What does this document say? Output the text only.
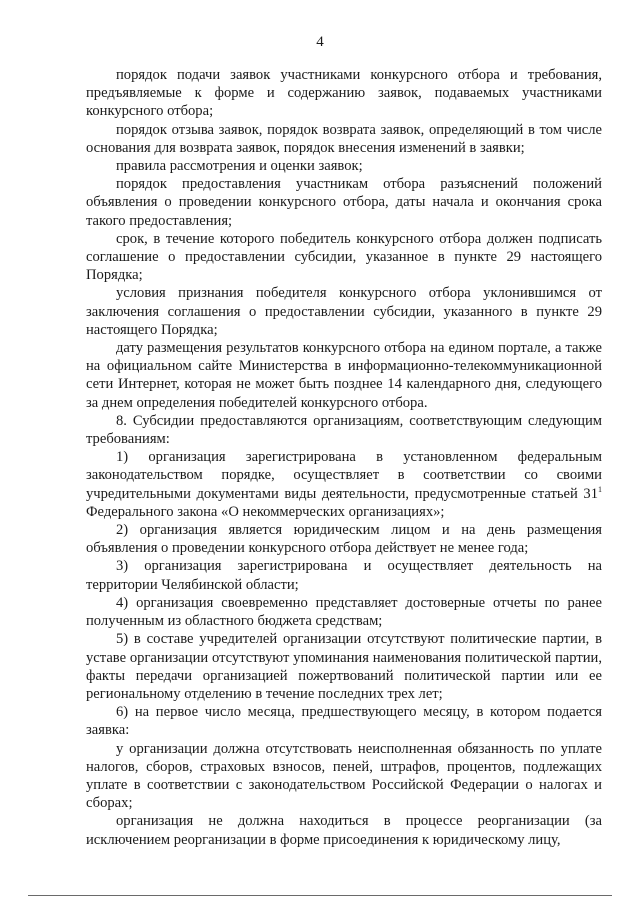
4

порядок подачи заявок участниками конкурсного отбора и требования, предъявляемые к форме и содержанию заявок, подаваемых участниками конкурсного отбора;

порядок отзыва заявок, порядок возврата заявок, определяющий в том числе основания для возврата заявок, порядок внесения изменений в заявки;

правила рассмотрения и оценки заявок;

порядок предоставления участникам отбора разъяснений положений объявления о проведении конкурсного отбора, даты начала и окончания срока такого предоставления;

срок, в течение которого победитель конкурсного отбора должен подписать соглашение о предоставлении субсидии, указанное в пункте 29 настоящего Порядка;

условия признания победителя конкурсного отбора уклонившимся от заключения соглашения о предоставлении субсидии, указанного в пункте 29 настоящего Порядка;

дату размещения результатов конкурсного отбора на едином портале, а также на официальном сайте Министерства в информационно-телекоммуникационной сети Интернет, которая не может быть позднее 14 календарного дня, следующего за днем определения победителей конкурсного отбора.

8. Субсидии предоставляются организациям, соответствующим следующим требованиям:

1) организация зарегистрирована в установленном федеральным законодательством порядке, осуществляет в соответствии со своими учредительными документами виды деятельности, предусмотренные статьей $31^1$ Федерального закона «О некоммерческих организациях»;

2) организация является юридическим лицом и на день размещения объявления о проведении конкурсного отбора действует не менее года;

3) организация зарегистрирована и осуществляет деятельность на территории Челябинской области;

4) организация своевременно представляет достоверные отчеты по ранее полученным из областного бюджета средствам;

5) в составе учредителей организации отсутствуют политические партии, в уставе организации отсутствуют упоминания наименования политической партии, факты передачи организацией пожертвований политической партии или ее региональному отделению в течение последних трех лет;

6) на первое число месяца, предшествующего месяцу, в котором подается заявка:

у организации должна отсутствовать неисполненная обязанность по уплате налогов, сборов, страховых взносов, пеней, штрафов, процентов, подлежащих уплате в соответствии с законодательством Российской Федерации о налогах и сборах;

организация не должна находиться в процессе реорганизации (за исключением реорганизации в форме присоединения к юридическому лицу,
